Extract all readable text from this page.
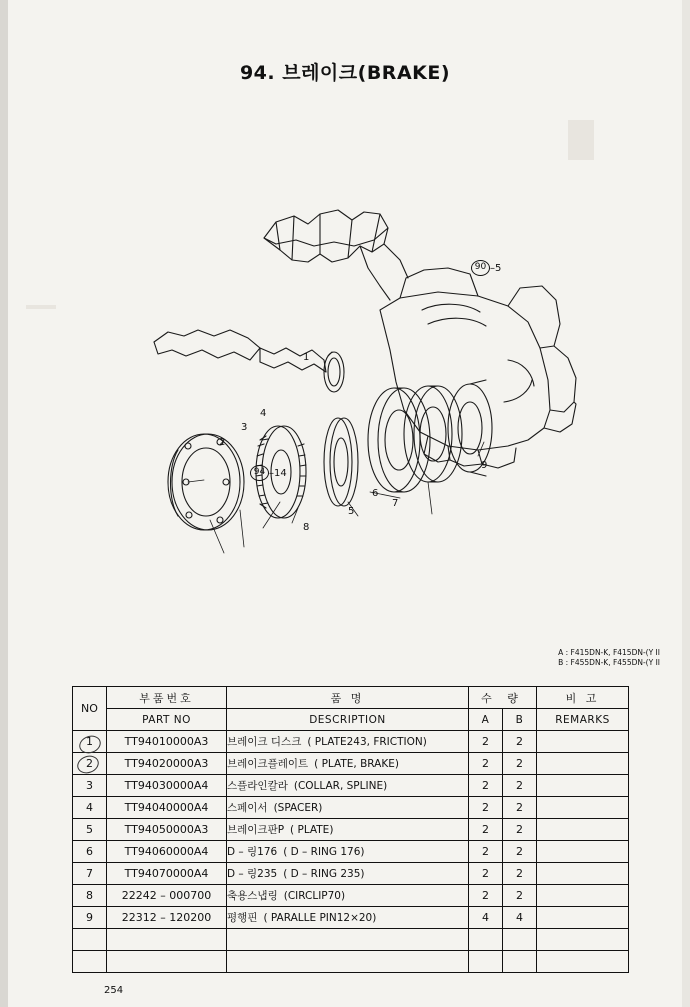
94. 브레이크(BRAKE)
2
3
4
1
8
5
6
7
9
90 –5
94 –14
A : F415DN-K, F415DN-(Y II
B : F455DN-K, F455DN-(Y II
NO	부품번호	품 명	수 량		비 고
	PART NO	DESCRIPTION	A	B	REMARKS
1	TT94010000A3	브레이크 디스크 ( PLATE243, FRICTION)	2	2	
2	TT94020000A3	브레이크플레이트 ( PLATE, BRAKE)	2	2	
3	TT94030000A4	스플라인칼라 (COLLAR, SPLINE)	2	2	
4	TT94040000A4	스페이서 (SPACER)	2	2	
5	TT94050000A3	브레이크판P ( PLATE)	2	2	
6	TT94060000A4	D – 링176 ( D – RING 176)	2	2	
7	TT94070000A4	D – 링235 ( D – RING 235)	2	2	
8	22242 – 000700	축용스냅링 (CIRCLIP70)	2	2	
9	22312 – 120200	평행핀 ( PARALLE PIN12×20)	4	4	

254
